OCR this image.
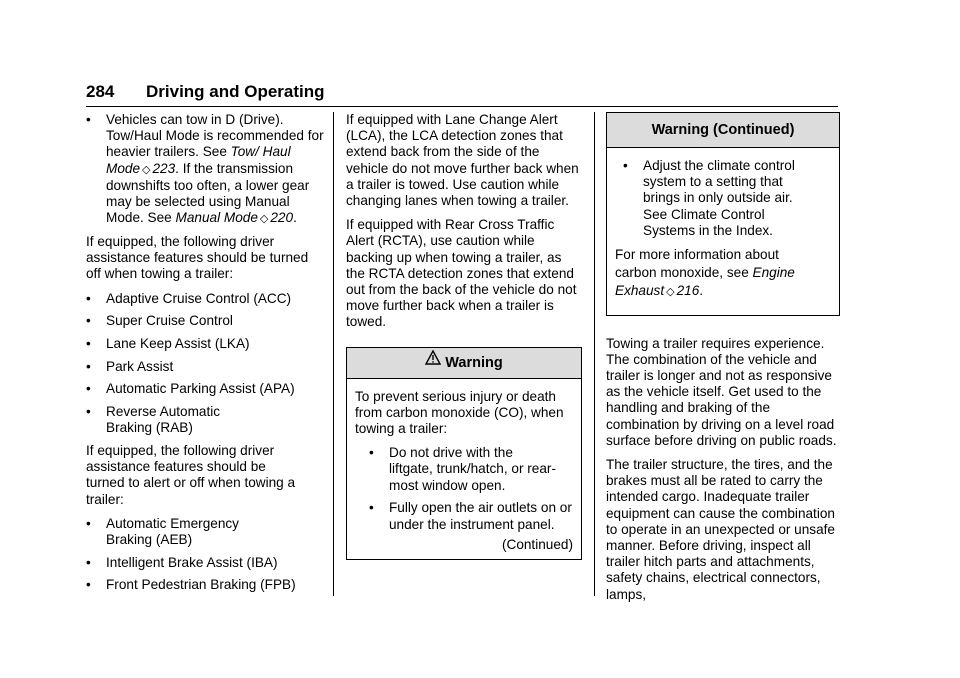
284 Driving and Operating
• Vehicles can tow in D (Drive). Tow/Haul Mode is recommended for heavier trailers. See Tow/ Haul Mode ◇ 223. If the transmission downshifts too often, a lower gear may be selected using Manual Mode. See Manual Mode ◇ 220.

If equipped, the following driver assistance features should be turned off when towing a trailer:

• Adaptive Cruise Control (ACC)
• Super Cruise Control
• Lane Keep Assist (LKA)
• Park Assist
• Automatic Parking Assist (APA)
• Reverse Automatic Braking (RAB)

If equipped, the following driver assistance features should be turned to alert or off when towing a trailer:

• Automatic Emergency Braking (AEB)
• Intelligent Brake Assist (IBA)
• Front Pedestrian Braking (FPB)

If equipped with Lane Change Alert (LCA), the LCA detection zones that extend back from the side of the vehicle do not move further back when a trailer is towed. Use caution while changing lanes when towing a trailer.

If equipped with Rear Cross Traffic Alert (RCTA), use caution while backing up when towing a trailer, as the RCTA detection zones that extend out from the back of the vehicle do not move further back when a trailer is towed.

Warning

To prevent serious injury or death from carbon monoxide (CO), when towing a trailer:

• Do not drive with the liftgate, trunk/hatch, or rear-most window open.
• Fully open the air outlets on or under the instrument panel.
(Continued)
Warning (Continued)
• Adjust the climate control system to a setting that brings in only outside air. See Climate Control Systems in the Index.

For more information about carbon monoxide, see Engine Exhaust ◇ 216.

Towing a trailer requires experience. The combination of the vehicle and trailer is longer and not as responsive as the vehicle itself. Get used to the handling and braking of the combination by driving on a level road surface before driving on public roads.

The trailer structure, the tires, and the brakes must all be rated to carry the intended cargo. Inadequate trailer equipment can cause the combination to operate in an unexpected or unsafe manner. Before driving, inspect all trailer hitch parts and attachments, safety chains, electrical connectors, lamps,
